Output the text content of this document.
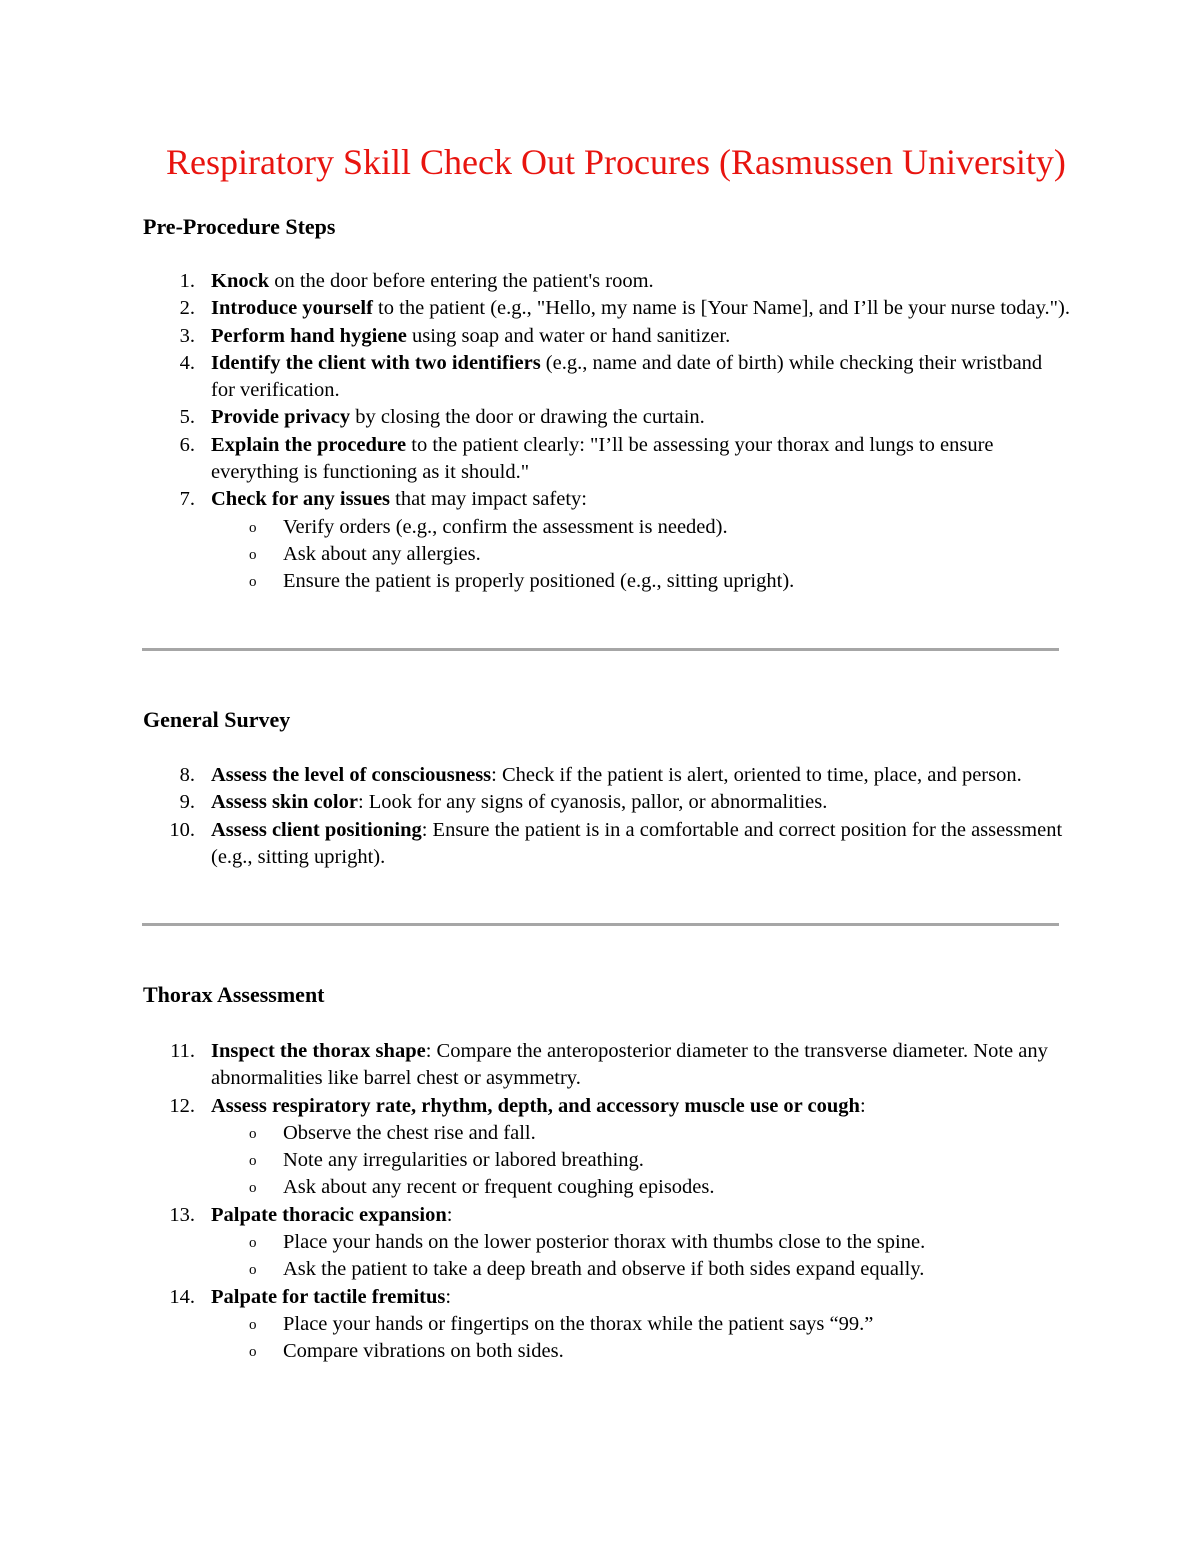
Respiratory Skill Check Out Procures (Rasmussen University)
Pre-Procedure Steps
1. Knock on the door before entering the patient's room.
2. Introduce yourself to the patient (e.g., "Hello, my name is [Your Name], and I’ll be your nurse today.").
3. Perform hand hygiene using soap and water or hand sanitizer.
4. Identify the client with two identifiers (e.g., name and date of birth) while checking their wristband for verification.
5. Provide privacy by closing the door or drawing the curtain.
6. Explain the procedure to the patient clearly: "I’ll be assessing your thorax and lungs to ensure everything is functioning as it should."
7. Check for any issues that may impact safety:
o Verify orders (e.g., confirm the assessment is needed).
o Ask about any allergies.
o Ensure the patient is properly positioned (e.g., sitting upright).
General Survey
8. Assess the level of consciousness: Check if the patient is alert, oriented to time, place, and person.
9. Assess skin color: Look for any signs of cyanosis, pallor, or abnormalities.
10. Assess client positioning: Ensure the patient is in a comfortable and correct position for the assessment (e.g., sitting upright).
Thorax Assessment
11. Inspect the thorax shape: Compare the anteroposterior diameter to the transverse diameter. Note any abnormalities like barrel chest or asymmetry.
12. Assess respiratory rate, rhythm, depth, and accessory muscle use or cough:
o Observe the chest rise and fall.
o Note any irregularities or labored breathing.
o Ask about any recent or frequent coughing episodes.
13. Palpate thoracic expansion:
o Place your hands on the lower posterior thorax with thumbs close to the spine.
o Ask the patient to take a deep breath and observe if both sides expand equally.
14. Palpate for tactile fremitus:
o Place your hands or fingertips on the thorax while the patient says “99.”
o Compare vibrations on both sides.
